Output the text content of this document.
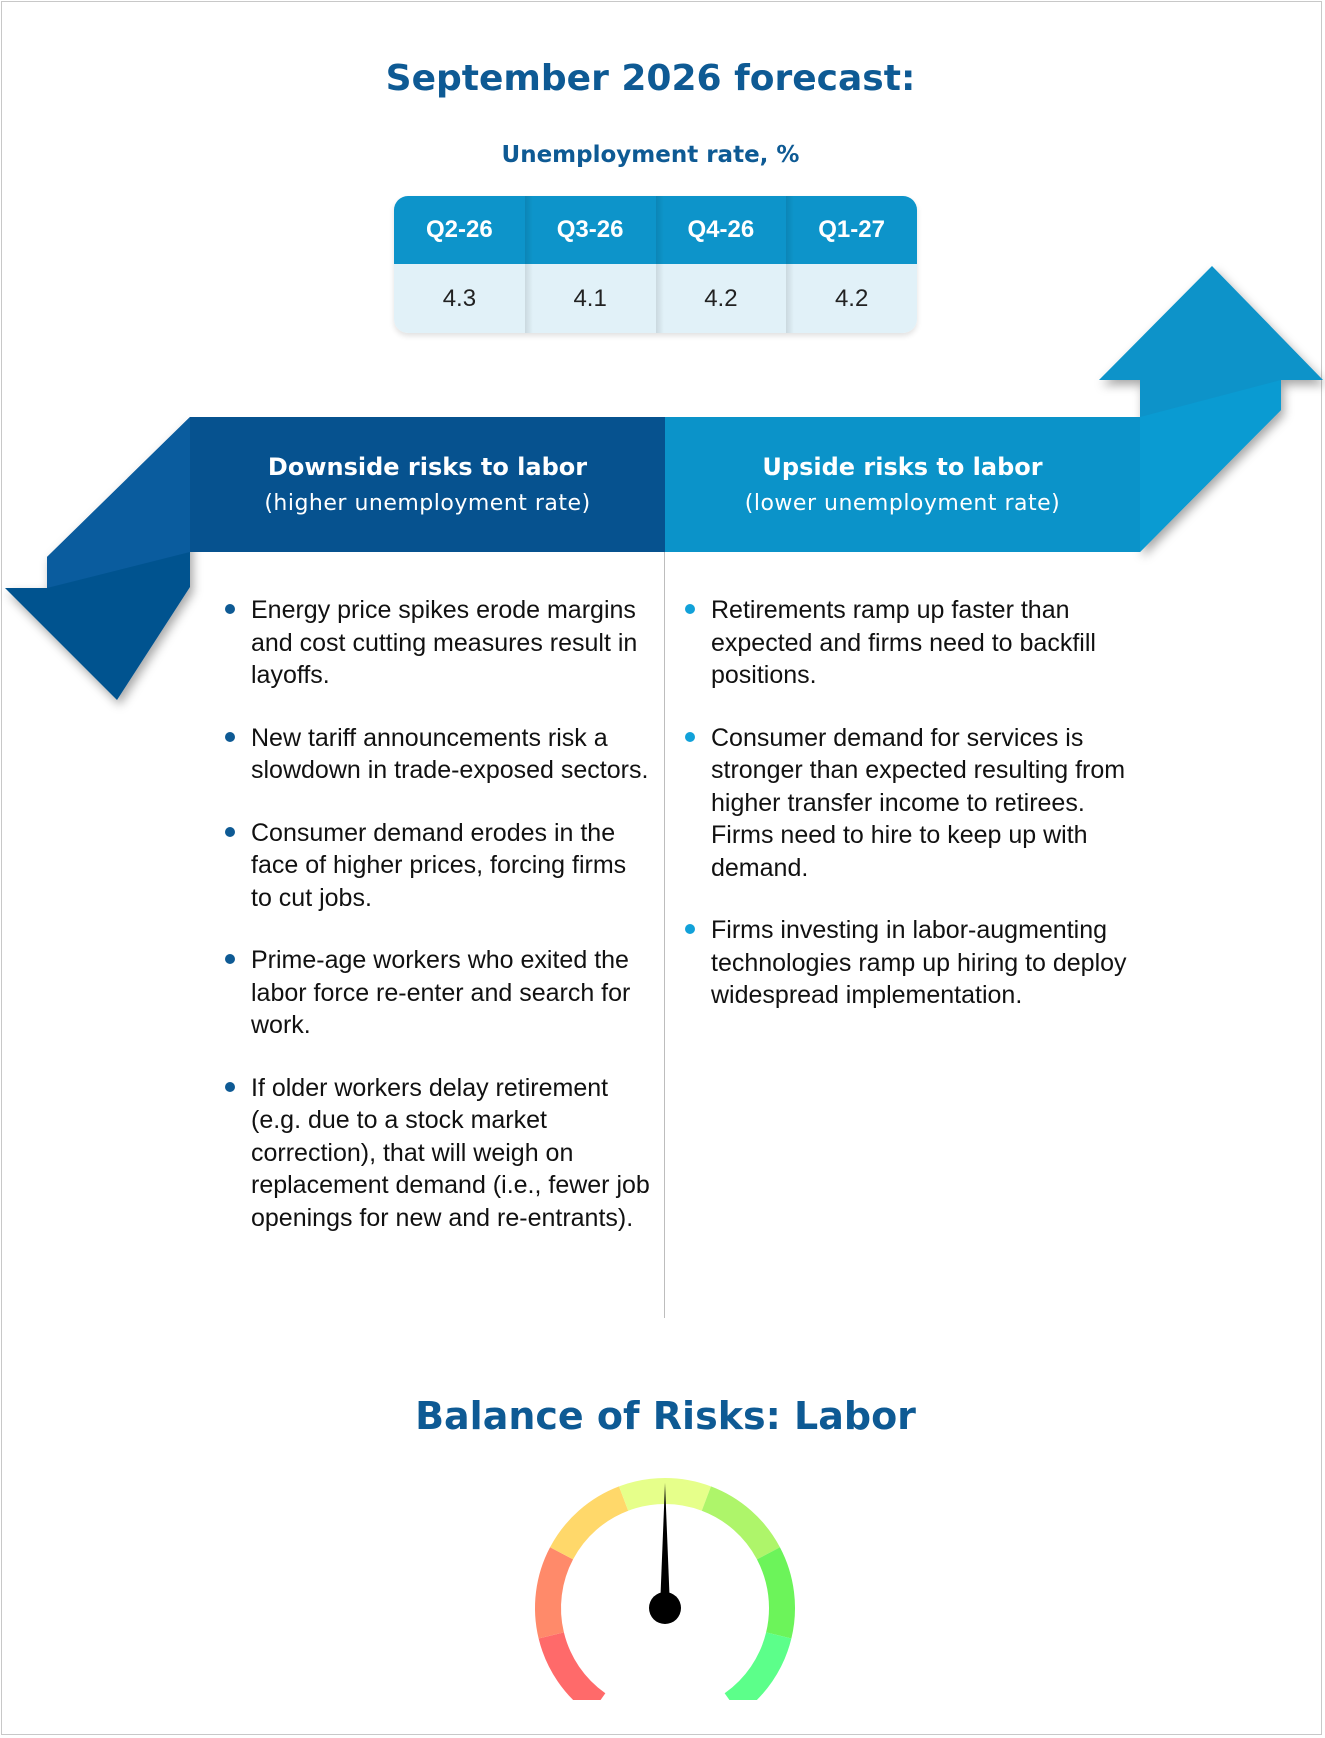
September 2026 forecast:
Unemployment rate, %
Q2-26	Q3-26	Q4-26	Q1-27
4.3	4.1	4.2	4.2
Downside risks to labor
(higher unemployment rate)
Upside risks to labor
(lower unemployment rate)
Energy price spikes erode margins and cost cutting measures result in layoffs.
New tariff announcements risk a slowdown in trade-exposed sectors.
Consumer demand erodes in the face of higher prices, forcing firms to cut jobs.
Prime-age workers who exited the labor force re-enter and search for work.
If older workers delay retirement (e.g. due to a stock market correction), that will weigh on replacement demand (i.e., fewer job openings for new and re-entrants).
Retirements ramp up faster than expected and firms need to backfill positions.
Consumer demand for services is stronger than expected resulting from higher transfer income to retirees. Firms need to hire to keep up with demand.
Firms investing in labor-augmenting technologies ramp up hiring to deploy widespread implementation.
Balance of Risks: Labor
